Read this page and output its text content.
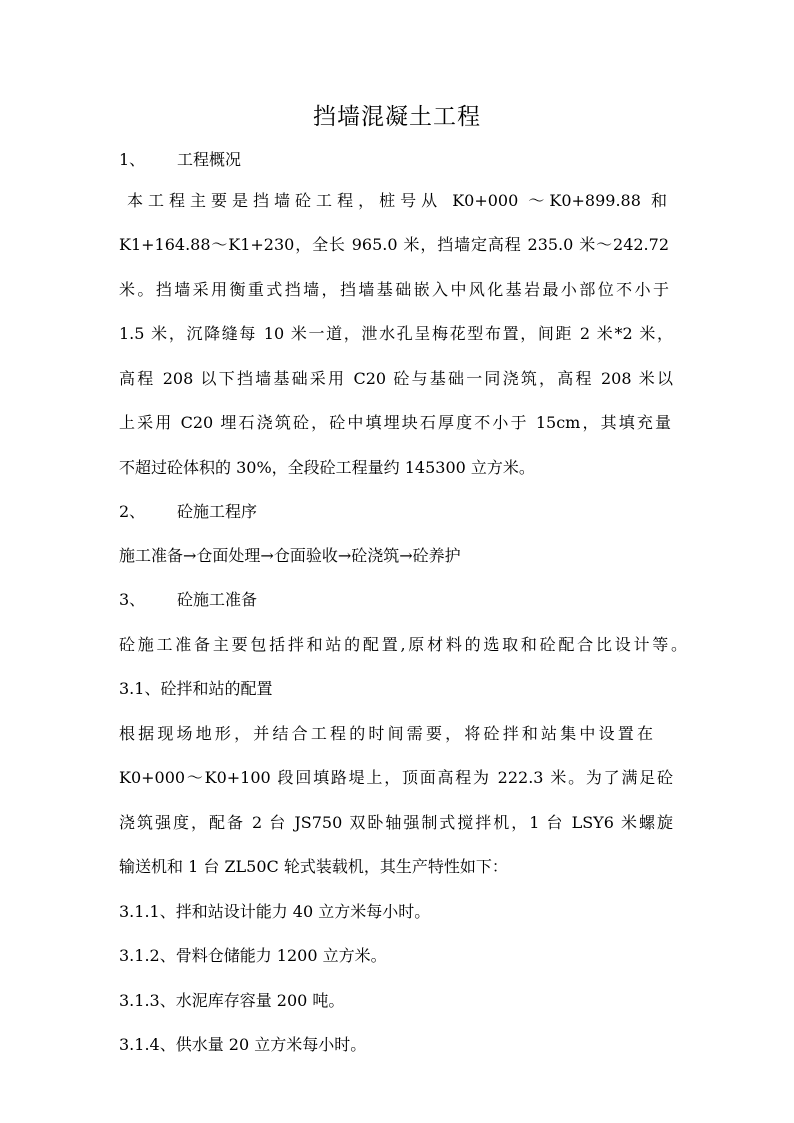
挡墙混凝土工程
1、 工程概况
本工程主要是挡墙砼工程，桩号从 K0+000 ～K0+899.88 和
K1+164.88～K1+230，全长 965.0 米，挡墙定高程 235.0 米～242.72
米。挡墙采用衡重式挡墙，挡墙基础嵌入中风化基岩最小部位不小于
1.5 米，沉降缝每 10 米一道，泄水孔呈梅花型布置，间距 2 米*2 米，
高程 208 以下挡墙基础采用 C20 砼与基础一同浇筑，高程 208 米以
上采用 C20 埋石浇筑砼，砼中填埋块石厚度不小于 15cm，其填充量
不超过砼体积的 30%，全段砼工程量约 145300 立方米。
2、 砼施工程序
施工准备→仓面处理→仓面验收→砼浇筑→砼养护
3、 砼施工准备
砼施工准备主要包括拌和站的配置,原材料的选取和砼配合比设计等。
3.1、砼拌和站的配置
根据现场地形，并结合工程的时间需要，将砼拌和站集中设置在
K0+000～K0+100 段回填路堤上，顶面高程为 222.3 米。为了满足砼
浇筑强度，配备 2 台 JS750 双卧轴强制式搅拌机，1 台 LSY6 米螺旋
输送机和 1 台 ZL50C 轮式装载机，其生产特性如下：
3.1.1、拌和站设计能力 40 立方米每小时。
3.1.2、骨料仓储能力 1200 立方米。
3.1.3、水泥库存容量 200 吨。
3.1.4、供水量 20 立方米每小时。
